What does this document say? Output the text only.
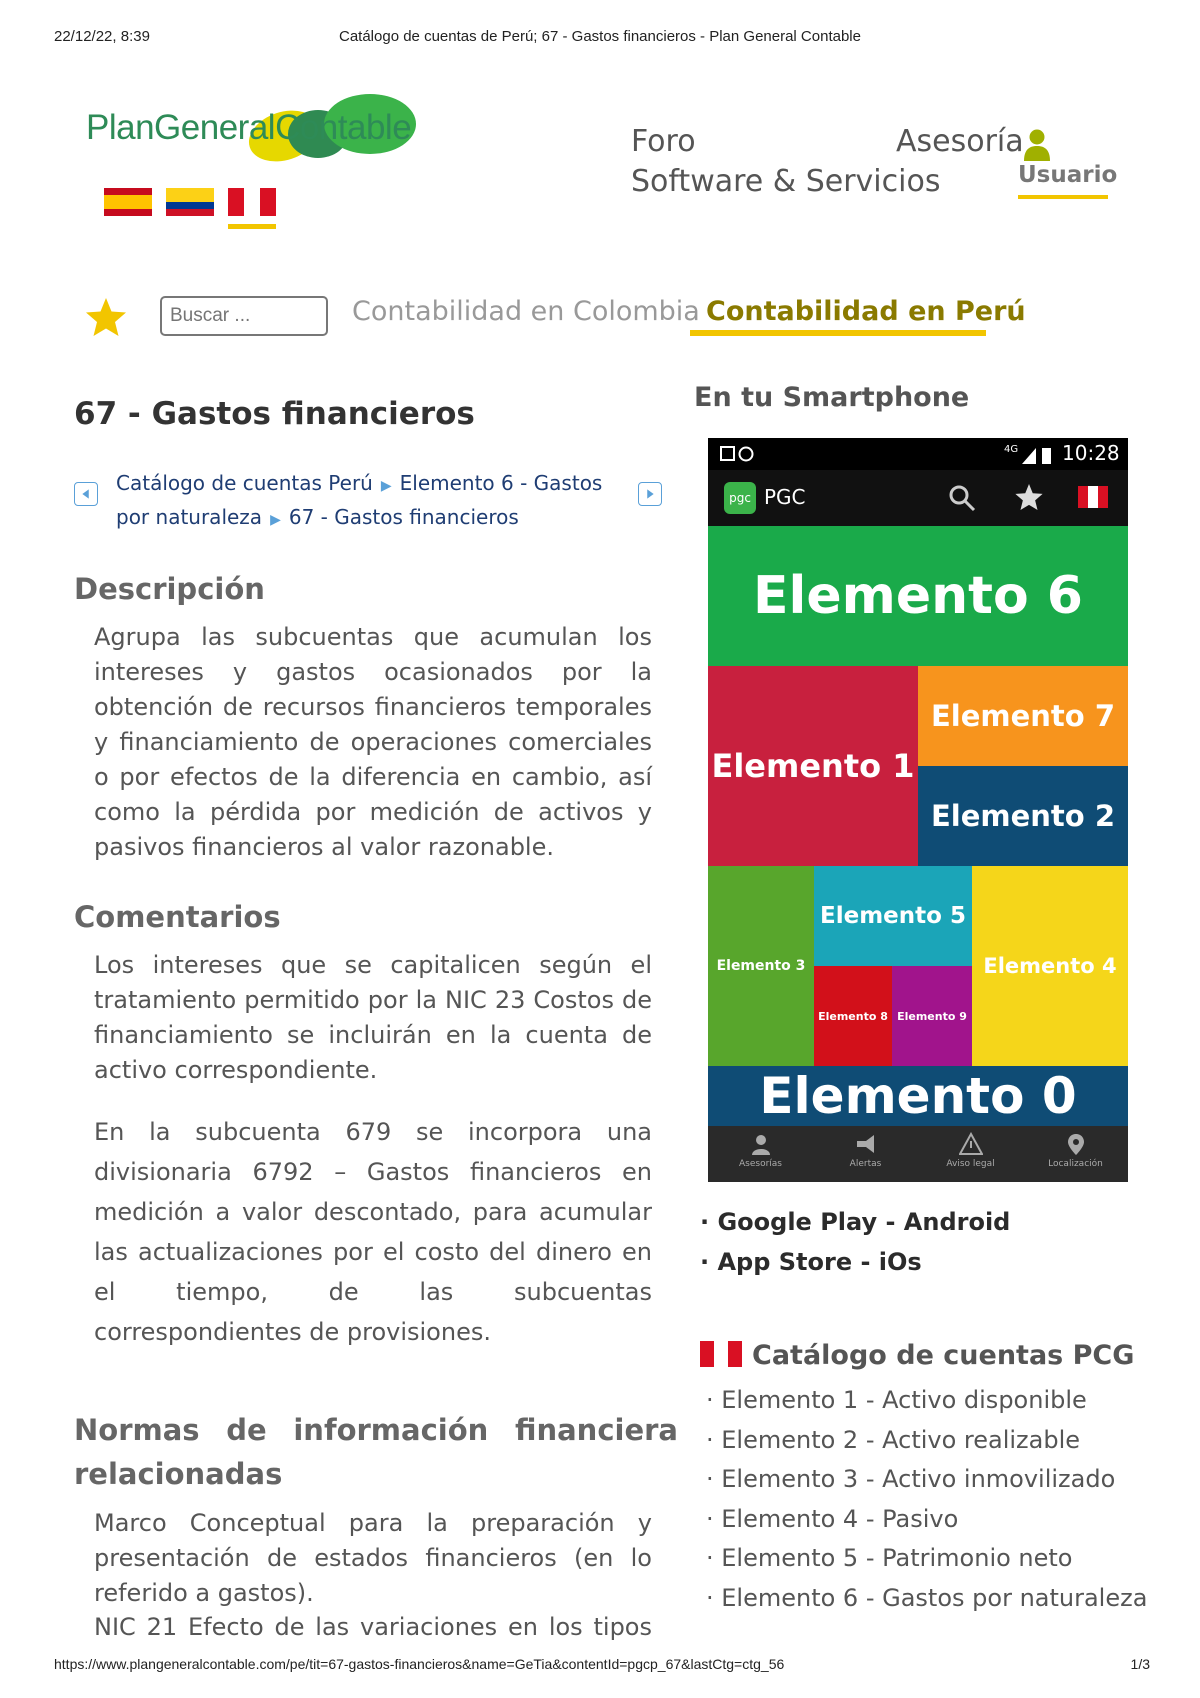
22/12/22, 8:39	Catálogo de cuentas de Perú; 67 - Gastos financieros - Plan General Contable
PlanGeneralContable	Foro	Asesoría
Software & Servicios	Usuario
Buscar ...
Contabilidad en Colombia Contabilidad en Perú
67 - Gastos financieros
Catálogo de cuentas Perú ▶ Elemento 6 - Gastos por naturaleza ▶ 67 - Gastos financieros
Descripción

Agrupa las subcuentas que acumulan los intereses y gastos ocasionados por la obtención de recursos financieros temporales y financiamiento de operaciones comerciales o por efectos de la diferencia en cambio, así como la pérdida por medición de activos y pasivos financieros al valor razonable.

Comentarios

Los intereses que se capitalicen según el tratamiento permitido por la NIC 23 Costos de financiamiento se incluirán en la cuenta de activo correspondiente.

En la subcuenta 679 se incorpora una divisionaria 6792 – Gastos financieros en medición a valor descontado, para acumular las actualizaciones por el costo del dinero en el tiempo, de las subcuentas correspondientes de provisiones.

Normas de información financiera relacionadas

Marco Conceptual para la preparación y presentación de estados financieros (en lo referido a gastos).

NIC 21 Efecto de las variaciones en los tipos

En tu Smartphone
4G 10:28
pgc PGC
Elemento 6
Elemento 1
Elemento 7
Elemento 2
Elemento 3
Elemento 5
Elemento 8 Elemento 9
Elemento 4
Elemento 0
Asesorías	Alertas	Aviso legal	Localización
· Google Play - Android
· App Store - iOs
Catálogo de cuentas PCG
· Elemento 1 - Activo disponible
· Elemento 2 - Activo realizable
· Elemento 3 - Activo inmovilizado
· Elemento 4 - Pasivo
· Elemento 5 - Patrimonio neto
· Elemento 6 - Gastos por naturaleza
https://www.plangeneralcontable.com/pe/tit=67-gastos-financieros&name=GeTia&contentId=pgcp_67&lastCtg=ctg_56	1/3
